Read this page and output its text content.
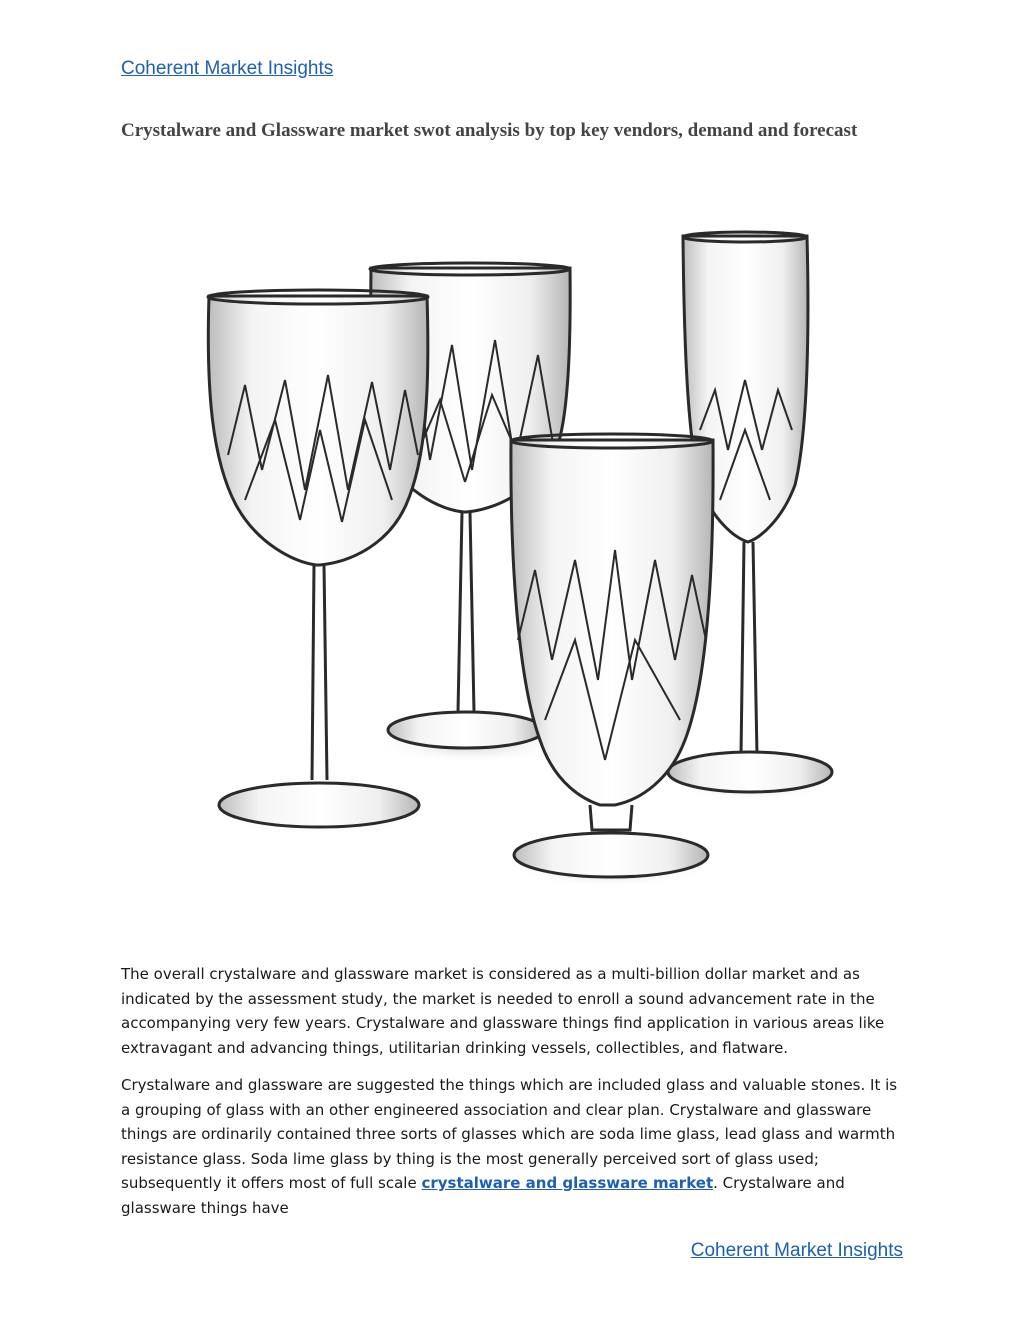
Coherent Market Insights
Crystalware and Glassware market swot analysis by top key vendors, demand and forecast

The overall crystalware and glassware market is considered as a multi-billion dollar market and as indicated by the assessment study, the market is needed to enroll a sound advancement rate in the accompanying very few years. Crystalware and glassware things find application in various areas like extravagant and advancing things, utilitarian drinking vessels, collectibles, and flatware.

Crystalware and glassware are suggested the things which are included glass and valuable stones. It is a grouping of glass with an other engineered association and clear plan. Crystalware and glassware things are ordinarily contained three sorts of glasses which are soda lime glass, lead glass and warmth resistance glass. Soda lime glass by thing is the most generally perceived sort of glass used; subsequently it offers most of full scale crystalware and glassware market. Crystalware and glassware things have

Coherent Market Insights
